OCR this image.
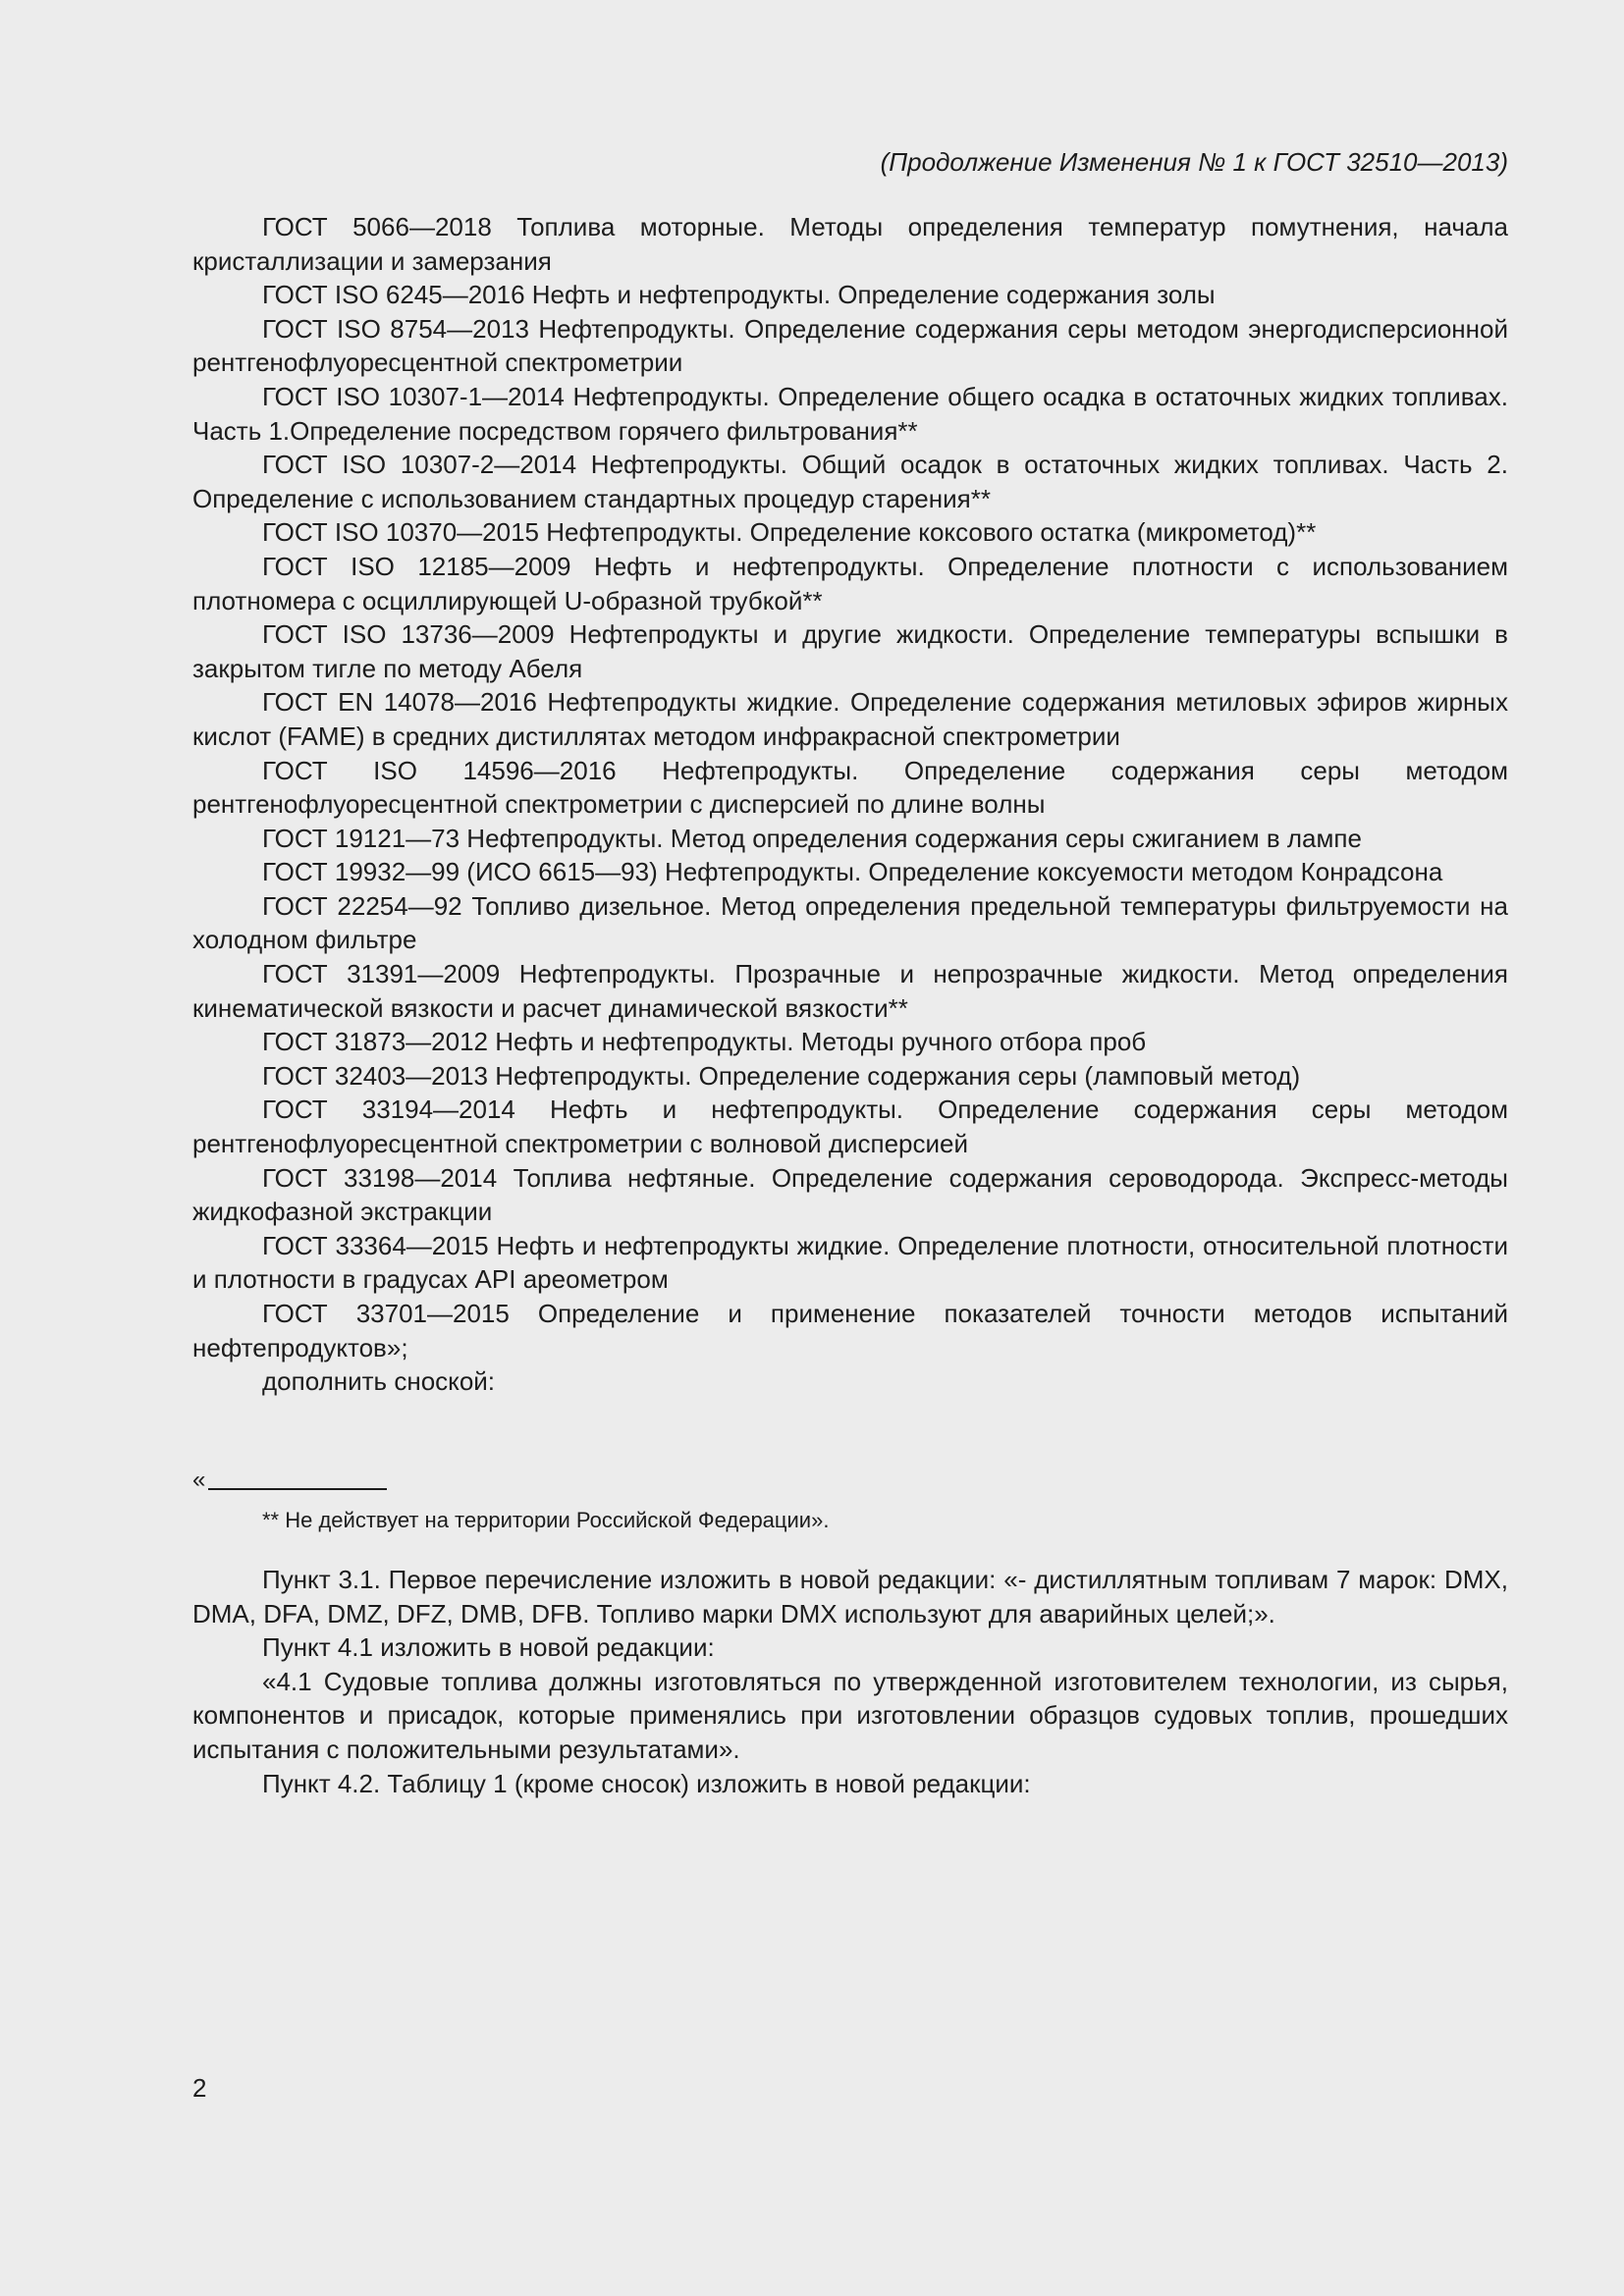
(Продолжение Изменения № 1 к ГОСТ 32510—2013)

ГОСТ 5066—2018 Топлива моторные. Методы определения температур помутнения, начала кристаллизации и замерзания

ГОСТ ISO 6245—2016 Нефть и нефтепродукты. Определение содержания золы

ГОСТ ISO 8754—2013 Нефтепродукты. Определение содержания серы методом энергодисперсионной рентгенофлуоресцентной спектрометрии

ГОСТ ISO 10307-1—2014 Нефтепродукты. Определение общего осадка в остаточных жидких топливах. Часть 1.Определение посредством горячего фильтрования**

ГОСТ ISO 10307-2—2014 Нефтепродукты. Общий осадок в остаточных жидких топливах. Часть 2. Определение с использованием стандартных процедур старения**

ГОСТ ISO 10370—2015 Нефтепродукты. Определение коксового остатка (микрометод)**

ГОСТ ISO 12185—2009 Нефть и нефтепродукты. Определение плотности с использованием плотномера с осциллирующей U-образной трубкой**

ГОСТ ISO 13736—2009 Нефтепродукты и другие жидкости. Определение температуры вспышки в закрытом тигле по методу Абеля

ГОСТ EN 14078—2016 Нефтепродукты жидкие. Определение содержания метиловых эфиров жирных кислот (FAME) в средних дистиллятах методом инфракрасной спектрометрии

ГОСТ ISO 14596—2016 Нефтепродукты. Определение содержания серы методом рентгенофлуоресцентной спектрометрии с дисперсией по длине волны

ГОСТ 19121—73 Нефтепродукты. Метод определения содержания серы сжиганием в лампе

ГОСТ 19932—99 (ИСО 6615—93) Нефтепродукты. Определение коксуемости методом Конрадсона

ГОСТ 22254—92 Топливо дизельное. Метод определения предельной температуры фильтруемости на холодном фильтре

ГОСТ 31391—2009 Нефтепродукты. Прозрачные и непрозрачные жидкости. Метод определения кинематической вязкости и расчет динамической вязкости**

ГОСТ 31873—2012 Нефть и нефтепродукты. Методы ручного отбора проб

ГОСТ 32403—2013 Нефтепродукты. Определение содержания серы (ламповый метод)

ГОСТ 33194—2014 Нефть и нефтепродукты. Определение содержания серы методом рентгенофлуоресцентной спектрометрии с волновой дисперсией

ГОСТ 33198—2014 Топлива нефтяные. Определение содержания сероводорода. Экспресс-методы жидкофазной экстракции

ГОСТ 33364—2015 Нефть и нефтепродукты жидкие. Определение плотности, относительной плотности и плотности в градусах API ареометром

ГОСТ 33701—2015 Определение и применение показателей точности методов испытаний нефтепродуктов»;

дополнить сноской:

«

** Не действует на территории Российской Федерации».

Пункт 3.1. Первое перечисление изложить в новой редакции: «- дистиллятным топливам 7 марок: DMX, DMA, DFA, DMZ, DFZ, DMB, DFB. Топливо марки DMX используют для аварийных целей;».

Пункт 4.1 изложить в новой редакции:

«4.1 Судовые топлива должны изготовляться по утвержденной изготовителем технологии, из сырья, компонентов и присадок, которые применялись при изготовлении образцов судовых топлив, прошедших испытания с положительными результатами».

Пункт 4.2. Таблицу 1 (кроме сносок) изложить в новой редакции:

2
